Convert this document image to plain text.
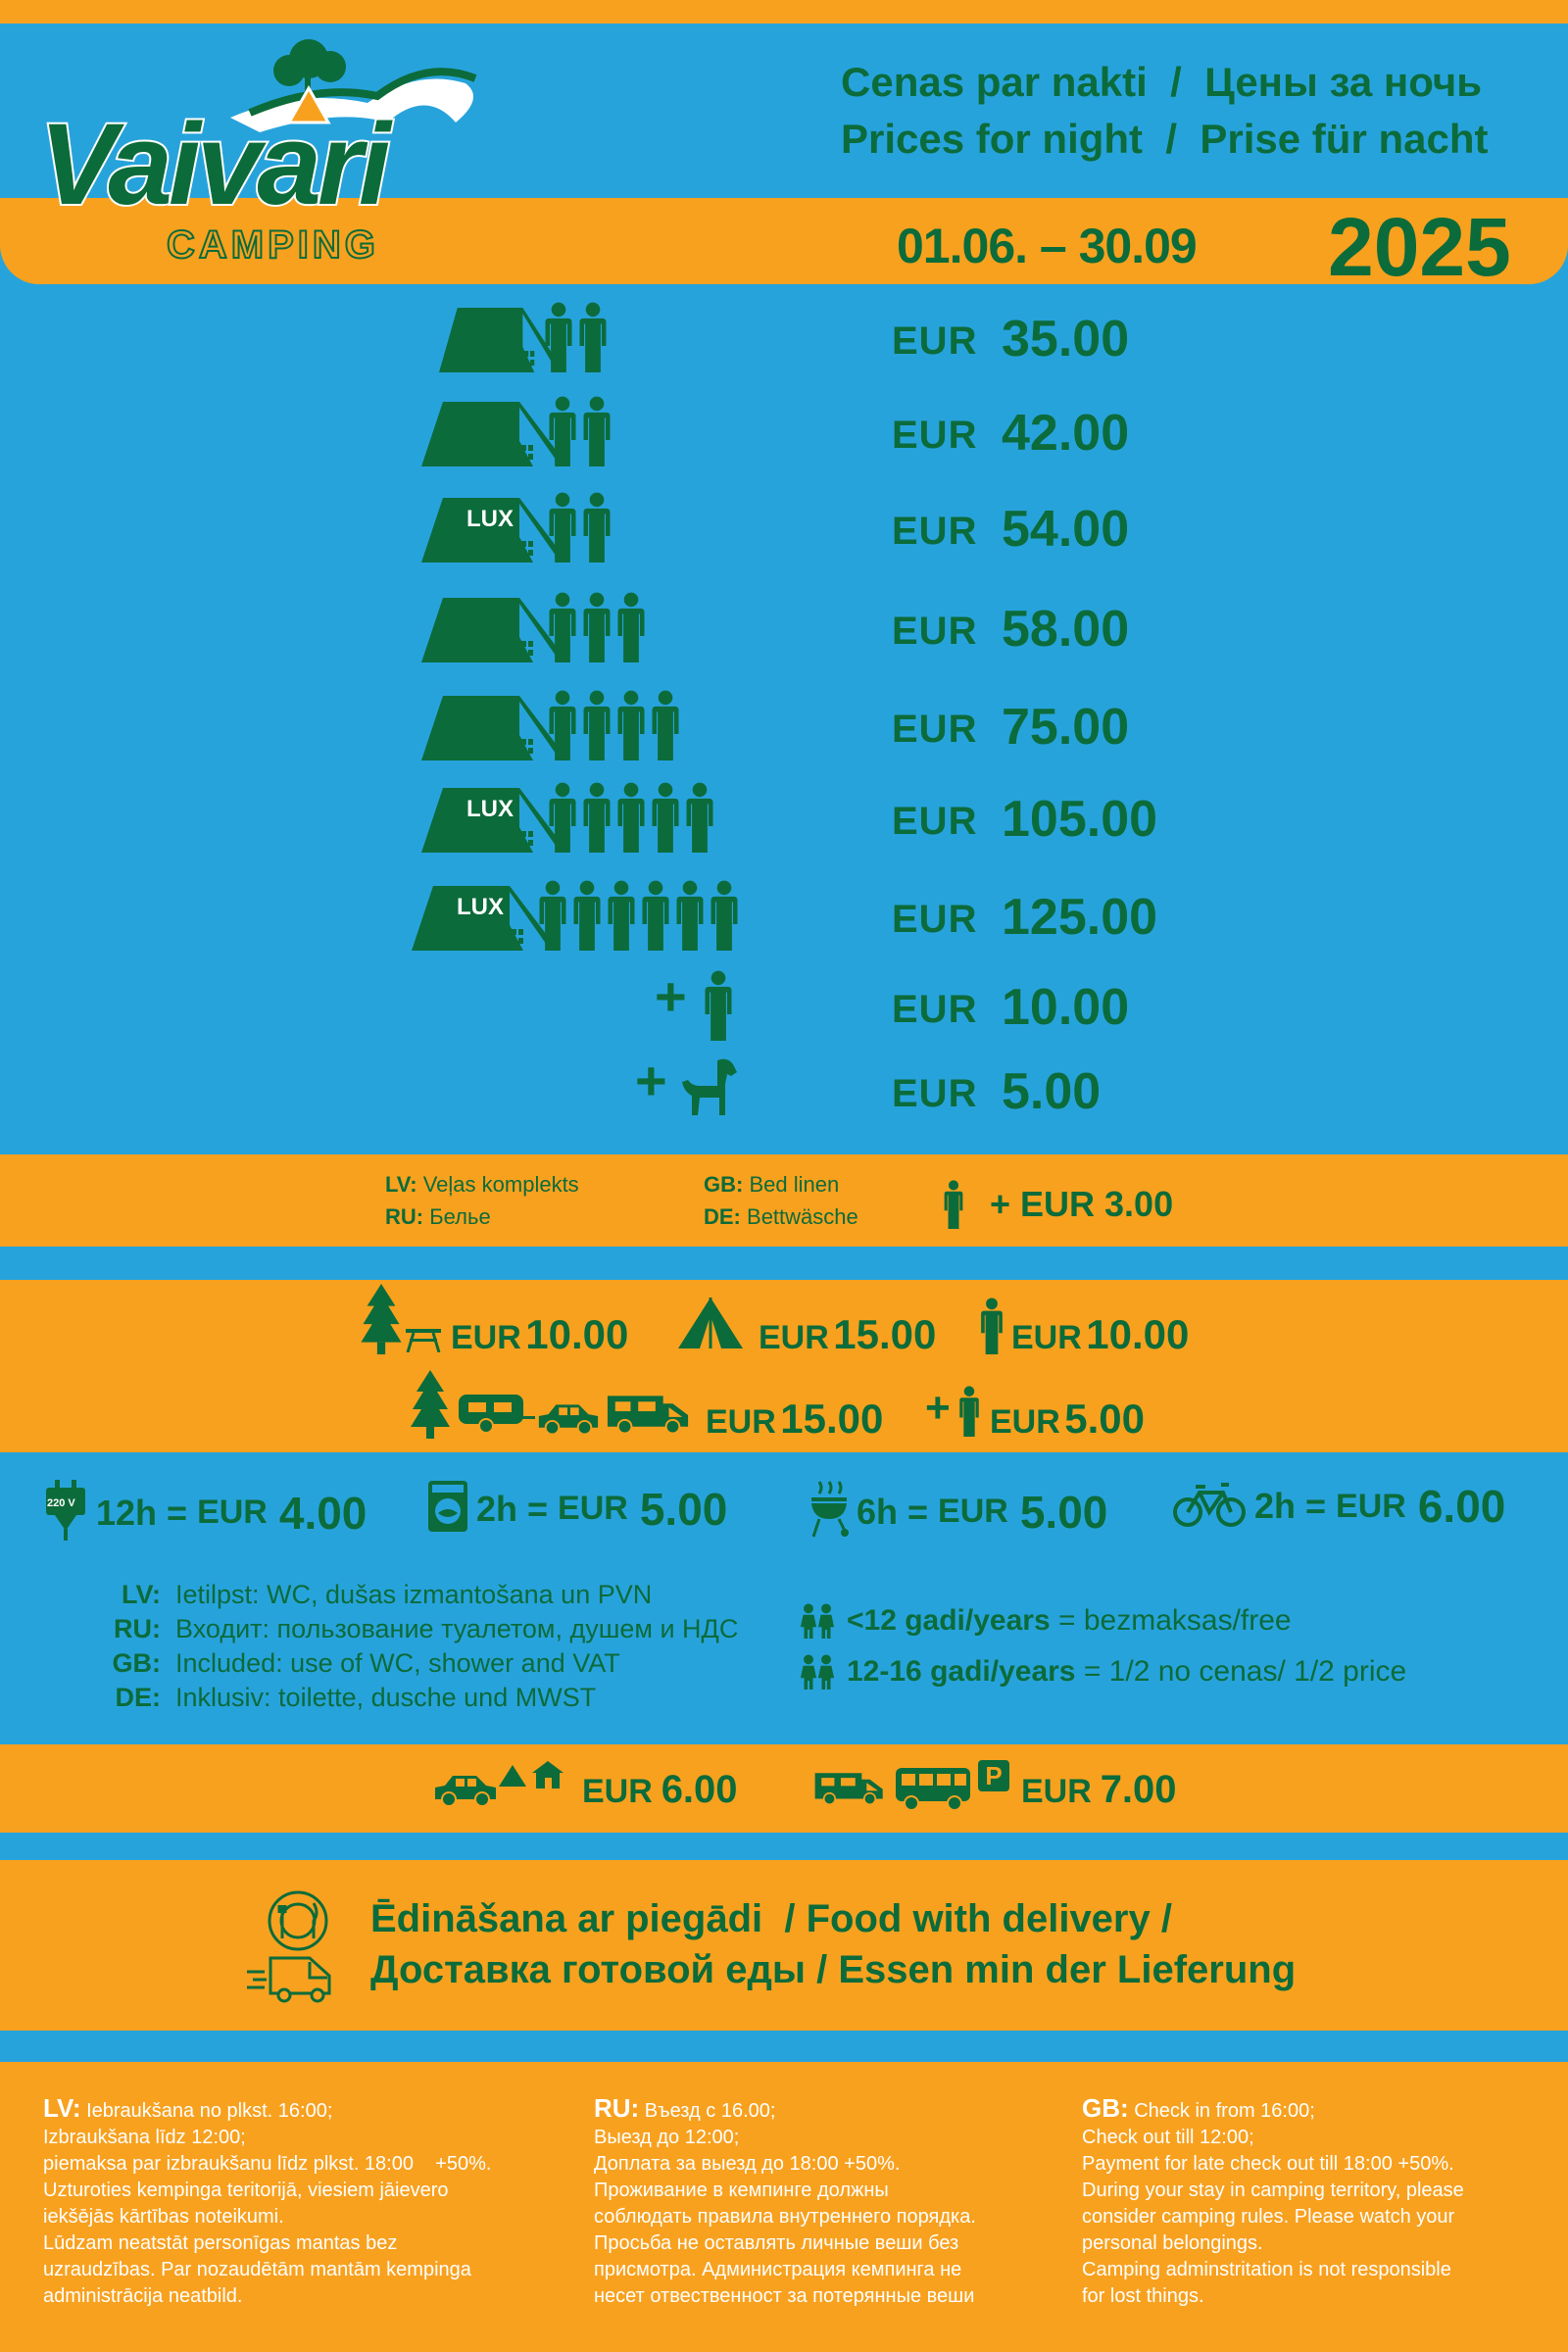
Vaivari
CAMPING
Cenas par nakti  /  Цены за ночь
Prices for night  /  Prise für nacht
01.06. – 30.09 2025
EUR 35.00
EUR 42.00
LUX	EUR 54.00
EUR 58.00
EUR 75.00
LUX	EUR 105.00
LUX	EUR 125.00
+	EUR 10.00
+	EUR 5.00
LV: Veļas komplekts
RU: Белье
GB: Bed linen
DE: Bettwäsche	+ EUR 3.00
EUR 10.00	EUR 15.00 EUR 10.00
EUR 15.00 + EUR 5.00
220 V 12h = EUR 4.00	2h = EUR 5.00	6h = EUR 5.00	2h = EUR 6.00
LV: Ietilpst: WC, dušas izmantošana un PVN
RU: Входит: пользование туалетом, душем и НДС
GB: Included: use of WC, shower and VAT
DE: Inklusiv: toilette, dusche und MWST
<12 gadi/years = bezmaksas/free
12-16 gadi/years = 1/2 no cenas/ 1/2 price
EUR 6.00	P EUR 7.00
Ēdināšana ar piegādi  / Food with delivery /
Доставка готовой еды / Essen min der Lieferung
LV: Iebraukšana no plkst. 16:00;
Izbraukšana līdz 12:00;
piemaksa par izbraukšanu līdz plkst. 18:00    +50%.
Uzturoties kempinga teritorijā, viesiem jāievero
iekšējās kārtības noteikumi.
Lūdzam neatstāt personīgas mantas bez
uzraudzības. Par nozaudētām mantām kempinga
administrācija neatbild.

RU: Въезд с 16.00;
Выезд до 12:00;
Доплата за выезд до 18:00 +50%.
Проживание в кемпинге должны
соблюдать правила внутреннего порядка.
Просьба не оставлять личные веши без
присмотра. Администрация кемпинга не
несет отвественност за потерянные веши

GB: Check in from 16:00;
Check out till 12:00;
Payment for late check out till 18:00 +50%.
During your stay in camping territory, please
consider camping rules. Please watch your
personal belongings.
Camping adminstritation is not responsible
for lost things.
